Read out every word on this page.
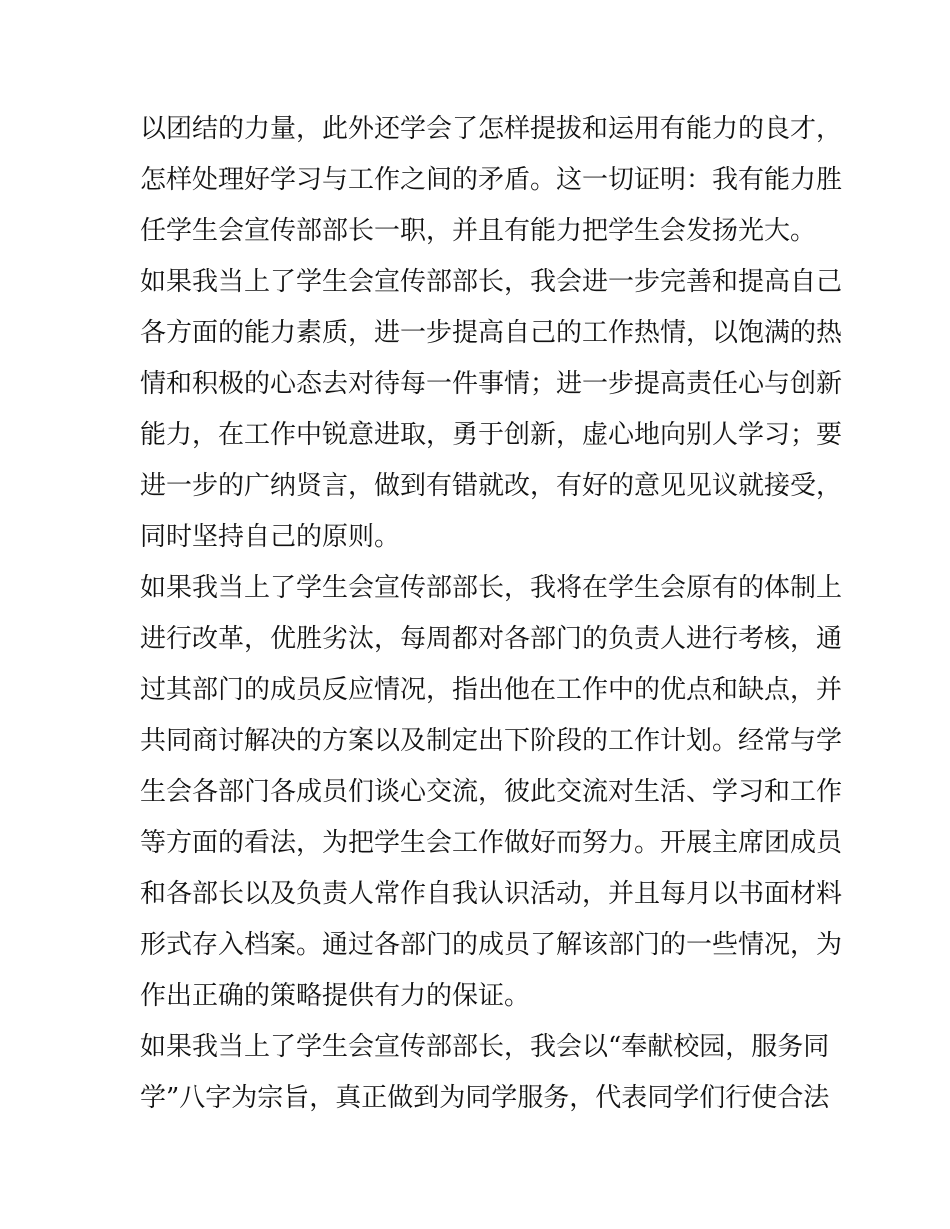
以团结的力量，此外还学会了怎样提拔和运用有能力的良才，
怎样处理好学习与工作之间的矛盾。这一切证明：我有能力胜
任学生会宣传部部长一职，并且有能力把学生会发扬光大。
如果我当上了学生会宣传部部长，我会进一步完善和提高自己
各方面的能力素质，进一步提高自己的工作热情，以饱满的热
情和积极的心态去对待每一件事情；进一步提高责任心与创新
能力，在工作中锐意进取，勇于创新，虚心地向别人学习；要
进一步的广纳贤言，做到有错就改，有好的意见见议就接受，
同时坚持自己的原则。
如果我当上了学生会宣传部部长，我将在学生会原有的体制上
进行改革，优胜劣汰，每周都对各部门的负责人进行考核，通
过其部门的成员反应情况，指出他在工作中的优点和缺点，并
共同商讨解决的方案以及制定出下阶段的工作计划。经常与学
生会各部门各成员们谈心交流，彼此交流对生活、学习和工作
等方面的看法，为把学生会工作做好而努力。开展主席团成员
和各部长以及负责人常作自我认识活动，并且每月以书面材料
形式存入档案。通过各部门的成员了解该部门的一些情况，为
作出正确的策略提供有力的保证。
如果我当上了学生会宣传部部长，我会以“奉献校园，服务同
学”八字为宗旨，真正做到为同学服务，代表同学们行使合法
